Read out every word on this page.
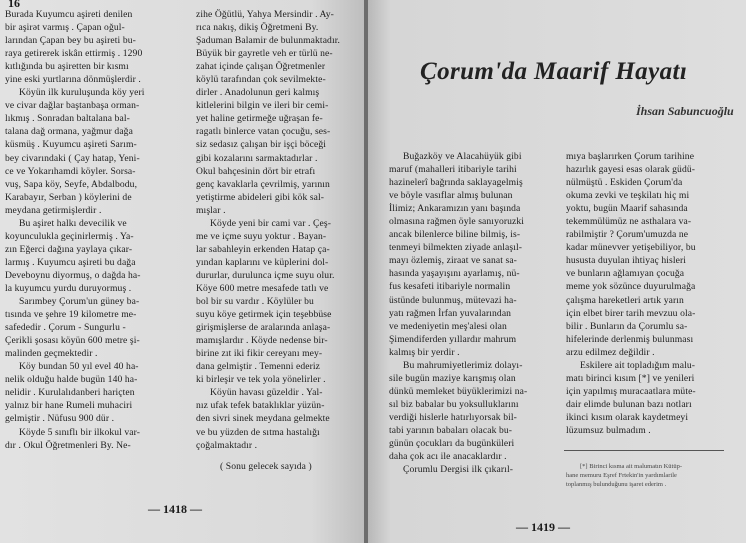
16

Burada Kuyumcu aşireti denilen

bir aşirət varmış . Çapan oğul-

larından Çapan bey bu aşireti bu-

raya getirerek iskân ettirmiş . 1290

kıtlığında bu aşiretten bir kısmı

yine eski yurtlarına dönmüşlerdir .

Köyün ilk kuruluşunda köy yeri

ve civar dağlar baştanbaşa orman-

lıkmış . Sonradan baltalana bal-

talana dağ ormana, yağmur dağa

küsmüş . Kuyumcu aşireti Sarım-

bey civarındaki ( Çay hatap, Yeni-

ce ve Yokarıhamdi köyler. Sorsa-

vuş, Sapa köy, Seyfe, Abdalbodu,

Karabayır, Serban ) köylerini de

meydana getirmişlerdir .

Bu aşiret halkı devecilik ve

koyunculukla geçinirlermiş . Ya-

zın Eğerci dağına yaylaya çıkar-

larmış . Kuyumcu aşireti bu dağa

Deveboynu diyormuş, o dağda ha-

la kuyumcu yurdu duruyormuş .

Sarımbey Çorum'un güney ba-

tısında ve şehre 19 kilometre me-

safededir . Çorum - Sungurlu -

Çerikli şosası köyün 600 metre şi-

malinden geçmektedir .

Köy bundan 50 yıl evel 40 ha-

nelik olduğu halde bugün 140 ha-

nelidir . Kurulalıdanberi hariçten

yalnız bir hane Rumeli muhaciri

gelmiştir . Nüfusu 900 dür .

Köyde 5 sınıflı bir ilkokul var-

dır . Okul Öğretmenleri By. Ne-

zihe Öğütlü, Yahya Mersindir . Ay-

rıca nakış, dikiş Öğretmeni By.

Şaduman Balamir de bulunmaktadır.

Büyük bir gayretle veh er türlü ne-

zahat içinde çalışan Öğretmenler

köylü tarafından çok sevilmekte-

dirler . Anadolunun geri kalmış

kitlelerini bilgin ve ileri bir cemi-

yet haline getirmeğe uğraşan fe-

ragatlı binlerce vatan çocuğu, ses-

siz sedasız çalışan bir işçi böceği

gibi kozalarını sarmaktadırlar .

Okul bahçesinin dört bir etrafı

genç kavaklarla çevrilmiş, yarının

yetiştirme abideleri gibi kök sal-

mışlar .

Köyde yeni bir cami var . Çeş-

me ve içme suyu yoktur . Bayan-

lar sabahleyin erkenden Hatap ça-

yından kaplarını ve küplerini dol-

dururlar, durulunca içme suyu olur.

Köye 600 metre mesafede tatlı ve

bol bir su vardır . Köylüler bu

suyu köye getirmek için teşebbüse

girişmişlerse de aralarında anlaşa-

mamışlardır . Köyde nedense bir-

birine zıt iki fikir cereyanı mey-

dana gelmiştir . Temenni ederiz

ki birleşir ve tek yola yönelirler .

Köyün havası güzeldir . Yal-

nız ufak tefek bataklıklar yüzün-

den sivri sinek meydana gelmekte

ve bu yüzden de sıtma hastalığı

çoğalmaktadır .

( Sonu gelecek sayıda )

— 1418 —

Buğazköy ve Alacahüyük gibi

maruf (mahalleri itibariyle tarihi

hazinelerî bağrında saklayagelmiş

ve böyle vasıflar almış bulunan

İlimiz; Ankaramızın yanı başında

olmasına rağmen öyle sanıyoruzki

ancak bilenlerce biline bilmiş, is-

tenmeyi bilmekten ziyade anlaşıl-

mayı özlemiş, ziraat ve sanat sa-

hasında yaşayışını ayarlamış, nü-

fus kesafeti itibariyle normalin

üstünde bulunmuş, mütevazi ha-

yatı rağmen İrfan yuvalarından

ve medeniyetin meş'alesi olan

Şimendiferden yıllardır mahrum

kalmış bir yerdir .

Bu mahrumiyetlerimiz dolayı-

sile bugün maziye karışmış olan

dünkü memleket büyüklerimizi na-

sıl biz babalar bu yoksulluklarını

verdiği hislerle hatırlıyorsak bil-

tabi yarının babaları olacak bu-

günün çocukları da bugünküleri

daha çok acı ile anacaklardır .

Çorumlu Dergisi ilk çıkarıl-

mıya başlarırken Çorum tarihine

hazırlık gayesi esas olarak güdü-

nülmüştü . Eskiden Çorum'da

okuma zevki ve teşkilatı hiç mi

yoktu, bugün Maarif sahasında

tekemmülümüz ne asthalara va-

rabilmiştir ? Çorum'umuzda ne

kadar münevver yetişebiliyor, bu

hususta duyulan ihtiyaç hisleri

ve bunların ağlamıyan çocuğa

meme yok sözünce duyurulmağa

çalışma hareketleri artık yarın

için elbet birer tarih mevzuu ola-

bilir . Bunların da Çorumlu sa-

hifelerinde derlenmiş bulunması

arzu edilmez değildir .

Eskilere ait topladığım malu-

matı birinci kısım [*] ve yenileri

için yapılmış muracaatlara müte-

dair elimde bulunan bazı notları

ikinci kısım olarak kaydetmeyi

lüzumsuz bulmadım .

[*] Birinci kısma ait malumatın Kütüp-

hane memuru Eşref Frtekin'in yardımlarile

toplanmış bulunduğunu işaret ederim .

— 1419 —
Çorum'da Maarif Hayatı
İhsan Sabuncuoğlu
